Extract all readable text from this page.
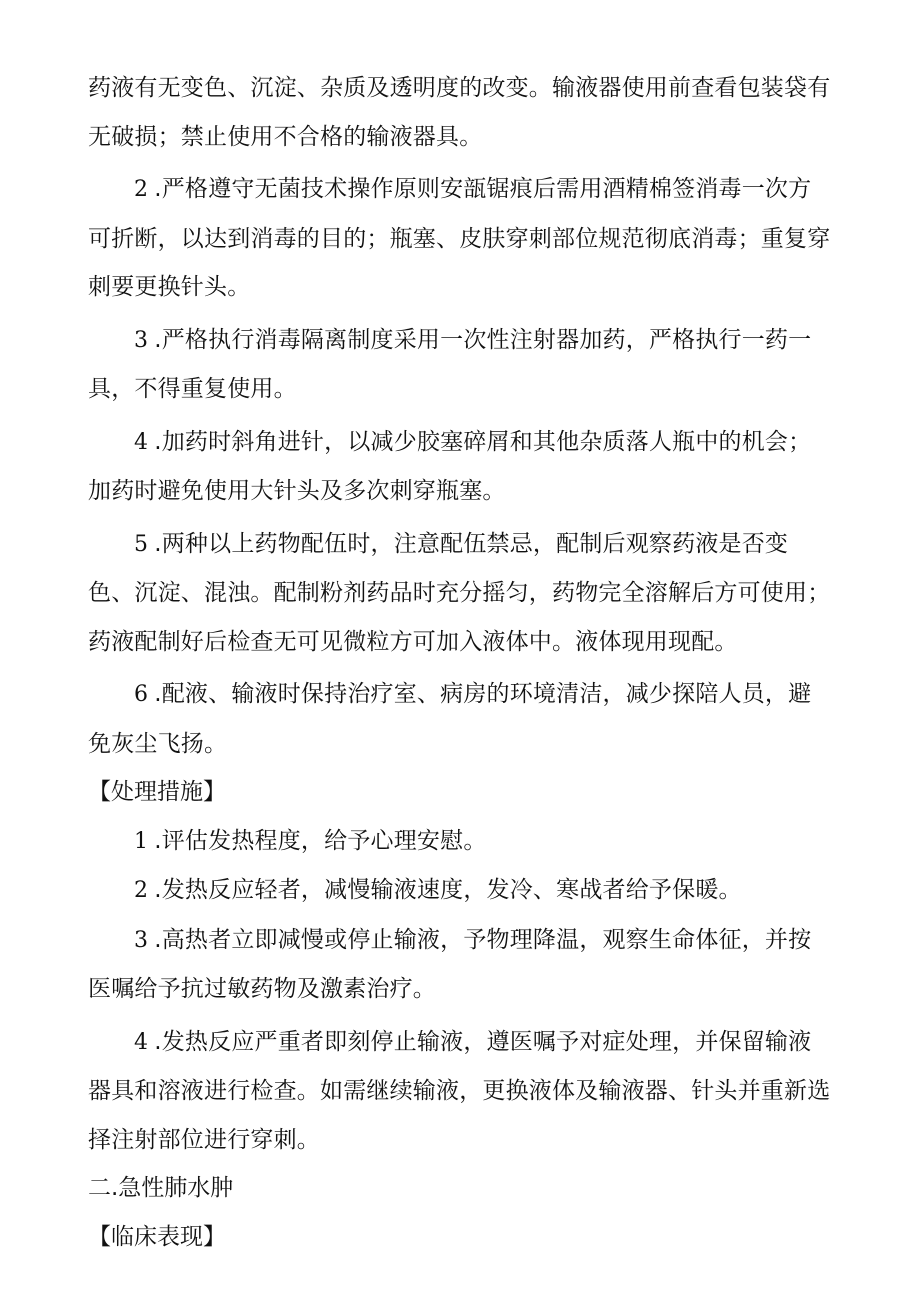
药液有无变色、沉淀、杂质及透明度的改变。输液器使用前查看包装袋有无破损；禁止使用不合格的输液器具。

2 .严格遵守无菌技术操作原则安瓿锯痕后需用酒精棉签消毒一次方可折断，以达到消毒的目的；瓶塞、皮肤穿刺部位规范彻底消毒；重复穿刺要更换针头。

3 .严格执行消毒隔离制度采用一次性注射器加药，严格执行一药一具，不得重复使用。

4 .加药时斜角进针，以减少胶塞碎屑和其他杂质落人瓶中的机会；加药时避免使用大针头及多次刺穿瓶塞。

5 .两种以上药物配伍时，注意配伍禁忌，配制后观察药液是否变色、沉淀、混浊。配制粉剂药品时充分摇匀，药物完全溶解后方可使用；药液配制好后检查无可见微粒方可加入液体中。液体现用现配。

6 .配液、输液时保持治疗室、病房的环境清洁，减少探陪人员，避免灰尘飞扬。

【处理措施】

1 .评估发热程度，给予心理安慰。

2 .发热反应轻者，减慢输液速度，发冷、寒战者给予保暖。

3 .高热者立即减慢或停止输液，予物理降温，观察生命体征，并按医嘱给予抗过敏药物及激素治疗。

4 .发热反应严重者即刻停止输液，遵医嘱予对症处理，并保留输液器具和溶液进行检查。如需继续输液，更换液体及输液器、针头并重新选择注射部位进行穿刺。

二.急性肺水肿

【临床表现】
